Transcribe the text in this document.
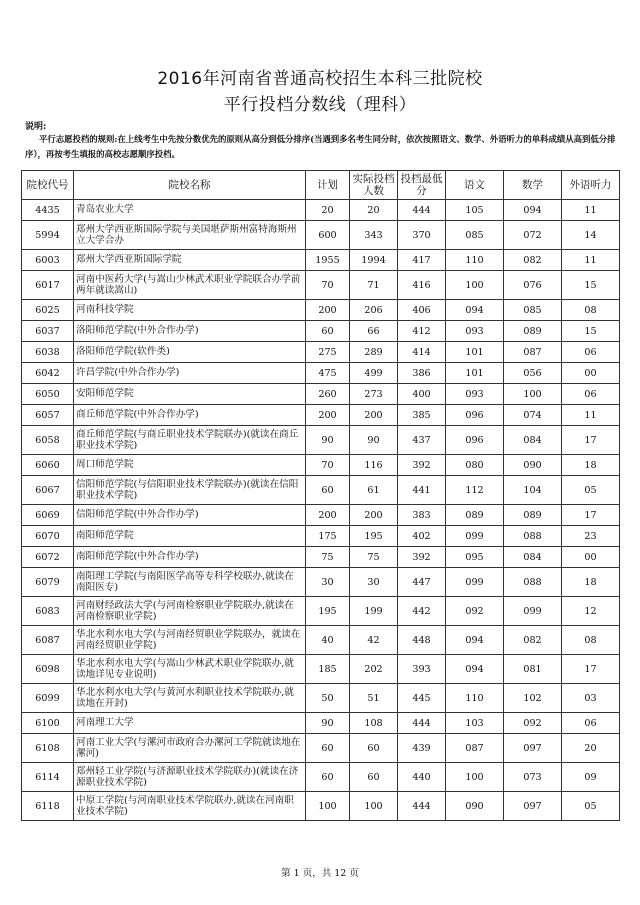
2016年河南省普通高校招生本科三批院校
平行投档分数线（理科）
说明:

平行志愿投档的规则:在上线考生中先按分数优先的原则从高分到低分排序(当遇到多名考生同分时，依次按照语文、数学、外语听力的单科成绩从高到低分排序），再按考生填报的高校志愿顺序投档。

院校代号	院校名称	计划	实际投档人数	投档最低分	语文	数学	外语听力
4435	青岛农业大学	20	20	444	105	094	11
5994	郑州大学西亚斯国际学院与美国堪萨斯州富特海斯州立大学合办	600	343	370	085	072	14
6003	郑州大学西亚斯国际学院	1955	1994	417	110	082	11
6017	河南中医药大学(与嵩山少林武术职业学院联合办学前两年就读嵩山)	70	71	416	100	076	15
6025	河南科技学院	200	206	406	094	085	08
6037	洛阳师范学院(中外合作办学)	60	66	412	093	089	15
6038	洛阳师范学院(软件类)	275	289	414	101	087	06
6042	许昌学院(中外合作办学)	475	499	386	101	056	00
6050	安阳师范学院	260	273	400	093	100	06
6057	商丘师范学院(中外合作办学)	200	200	385	096	074	11
6058	商丘师范学院(与商丘职业技术学院联办)(就读在商丘职业技术学院)	90	90	437	096	084	17
6060	周口师范学院	70	116	392	080	090	18
6067	信阳师范学院(与信阳职业技术学院联办)(就读在信阳职业技术学院)	60	61	441	112	104	05
6069	信阳师范学院(中外合作办学)	200	200	383	089	089	17
6070	南阳师范学院	175	195	402	099	088	23
6072	南阳师范学院(中外合作办学)	75	75	392	095	084	00
6079	南阳理工学院(与南阳医学高等专科学校联办,就读在南阳医专)	30	30	447	099	088	18
6083	河南财经政法大学(与河南检察职业学院联办,就读在河南检察职业学院)	195	199	442	092	099	12
6087	华北水利水电大学(与河南经贸职业学院联办，就读在河南经贸职业学院)	40	42	448	094	082	08
6098	华北水利水电大学(与嵩山少林武术职业学院联办,就读地详见专业说明)	185	202	393	094	081	17
6099	华北水利水电大学(与黄河水利职业技术学院联办,就读地在开封)	50	51	445	110	102	03
6100	河南理工大学	90	108	444	103	092	06
6108	河南工业大学(与漯河市政府合办漯河工学院就读地在漯河)	60	60	439	087	097	20
6114	郑州轻工业学院(与济源职业技术学院联办)(就读在济源职业技术学院)	60	60	440	100	073	09
6118	中原工学院(与河南职业技术学院联办,就读在河南职业技术学院)	100	100	444	090	097	05
第 1 页，共 12 页
